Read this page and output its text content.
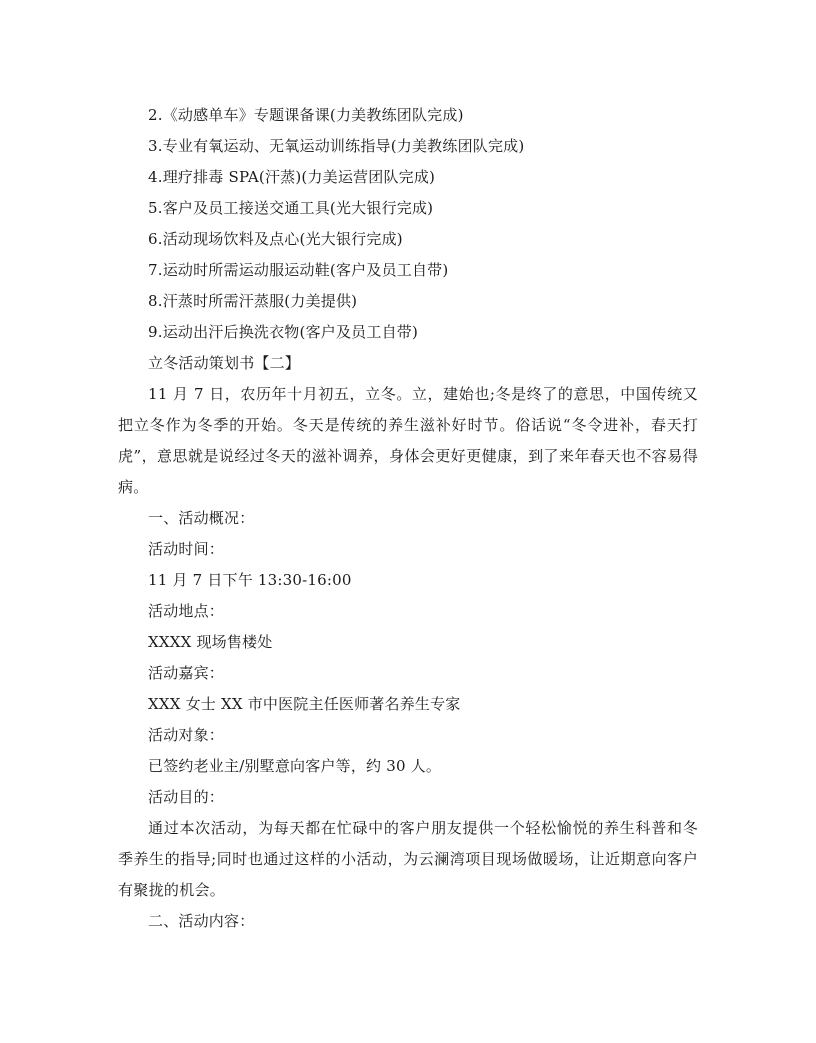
2.《动感单车》专题课备课(力美教练团队完成)
3.专业有氧运动、无氧运动训练指导(力美教练团队完成)
4.理疗排毒 SPA(汗蒸)(力美运营团队完成)
5.客户及员工接送交通工具(光大银行完成)
6.活动现场饮料及点心(光大银行完成)
7.运动时所需运动服运动鞋(客户及员工自带)
8.汗蒸时所需汗蒸服(力美提供)
9.运动出汗后换洗衣物(客户及员工自带)
立冬活动策划书【二】

11 月 7 日，农历年十月初五，立冬。立，建始也;冬是终了的意思，中国传统又把立冬作为冬季的开始。冬天是传统的养生滋补好时节。俗话说“冬令进补，春天打虎”，意思就是说经过冬天的滋补调养，身体会更好更健康，到了来年春天也不容易得病。

一、活动概况：
活动时间：
11 月 7 日下午 13:30-16:00
活动地点：
XXXX 现场售楼处
活动嘉宾：
XXX 女士 XX 市中医院主任医师著名养生专家
活动对象：
已签约老业主/别墅意向客户等，约 30 人。
活动目的：

通过本次活动，为每天都在忙碌中的客户朋友提供一个轻松愉悦的养生科普和冬季养生的指导;同时也通过这样的小活动，为云澜湾项目现场做暖场，让近期意向客户有聚拢的机会。

二、活动内容：
